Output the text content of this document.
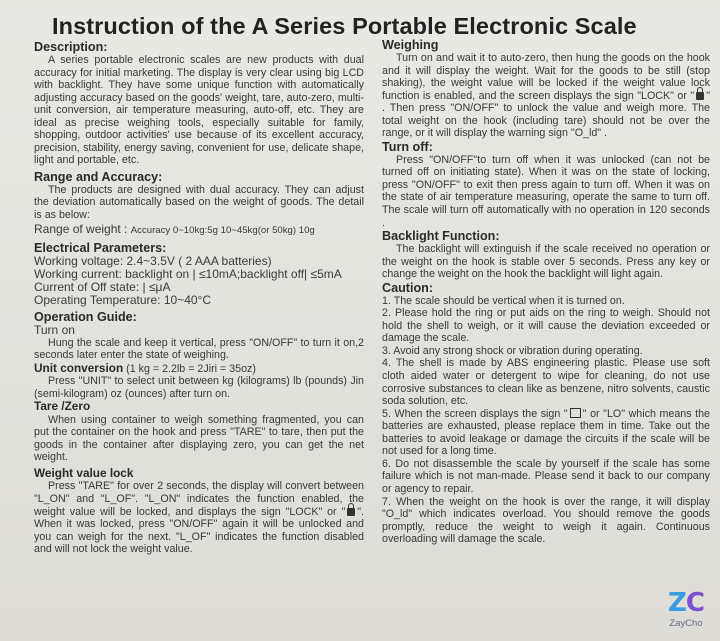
Instruction of the A Series Portable Electronic Scale
Description:

A series portable electronic scales are new products with dual accuracy for initial marketing. The display is very clear using big LCD with backlight. They have some unique function with automatically adjusting accuracy based on the goods' weight, tare, auto-zero, multi-unit conversion, air temperature measuring, auto-off, etc. They are ideal as precise weighing tools, especially suitable for family, shopping, outdoor activities' use because of its excellent accuracy, precision, stability, energy saving, convenient for use, delicate shape, light and portable, etc.

Range and Accuracy:

The products are designed with dual accuracy. They can adjust the deviation automatically based on the weight of goods. The detail is as below:

Range of weight : Accuracy 0~10kg:5g 10~45kg(or 50kg) 10g
Electrical Parameters:
Working voltage: 2.4~3.5V ( 2 AAA batteries)
Working current: backlight on | ≤10mA;backlight off| ≤5mA
Current of Off state: | ≤μA
Operating Temperature: 10~40°C
Operation Guide:
Turn on

Hung the scale and keep it vertical, press "ON/OFF" to turn it on,2 seconds later enter the state of weighing.

Unit conversion (1 kg = 2.2lb = 2Jiri = 35oz)

Press "UNIT" to select unit between kg (kilograms) lb (pounds) Jin (semi-kilogram) oz (ounces) after turn on.

Tare /Zero

When using container to weigh something fragmented, you can put the container on the hook and press "TARE" to tare, then put the goods in the container after displaying zero, you can get the net weight.

Weight value lock

Press "TARE" for over 2 seconds, the display will convert between "L_ON" and "L_OF". "L_ON" indicates the function enabled, the weight value will be locked, and displays the sign "LOCK" or " ". When it was locked, press "ON/OFF" again it will be unlocked and you can weigh for the next. "L_OF" indicates the function disabled and will not lock the weight value.

Weighing

Turn on and wait it to auto-zero, then hung the goods on the hook and it will display the weight. Wait for the goods to be still (stop shaking), the weight value will be locked if the weight value lock function is enabled, and the screen displays the sign "LOCK" or " " . Then press "ON/OFF" to unlock the value and weigh more. The total weight on the hook (including tare) should not be over the range, or it will display the warning sign "O_ld" .

Turn off:

Press "ON/OFF"to turn off when it was unlocked (can not be turned off on initiating state). When it was on the state of locking, press "ON/OFF" to exit then press again to turn off. When it was on the state of air temperature measuring, operate the same to turn off. The scale will turn off automatically with no operation in 120 seconds .

Backlight Function:

The backlight will extinguish if the scale received no operation or the weight on the hook is stable over 5 seconds. Press any key or change the weight on the hook the backlight will light again.

Caution:

1. The scale should be vertical when it is turned on.

2. Please hold the ring or put aids on the ring to weigh. Should not hold the shell to weigh, or it will cause the deviation exceeded or damage the scale.

3. Avoid any strong shock or vibration during operating.

4. The shell is made by ABS engineering plastic. Please use soft cloth aided water or detergent to wipe for cleaning, do not use corrosive substances to clean like as benzene, nitro solvents, caustic soda solution, etc.

5. When the screen displays the sign " " or "LO" which means the batteries are exhausted, please replace them in time. Take out the batteries to avoid leakage or damage the circuits if the scale will be not used for a long time.

6. Do not disassemble the scale by yourself if the scale has some failure which is not man-made. Please send it back to our company or agency to repair.

7. When the weight on the hook is over the range, it will display "O_ld" which indicates overload. You should remove the goods promptly, reduce the weight to weigh it again. Continuous overloading will damage the scale.

ZC
ZayCho
